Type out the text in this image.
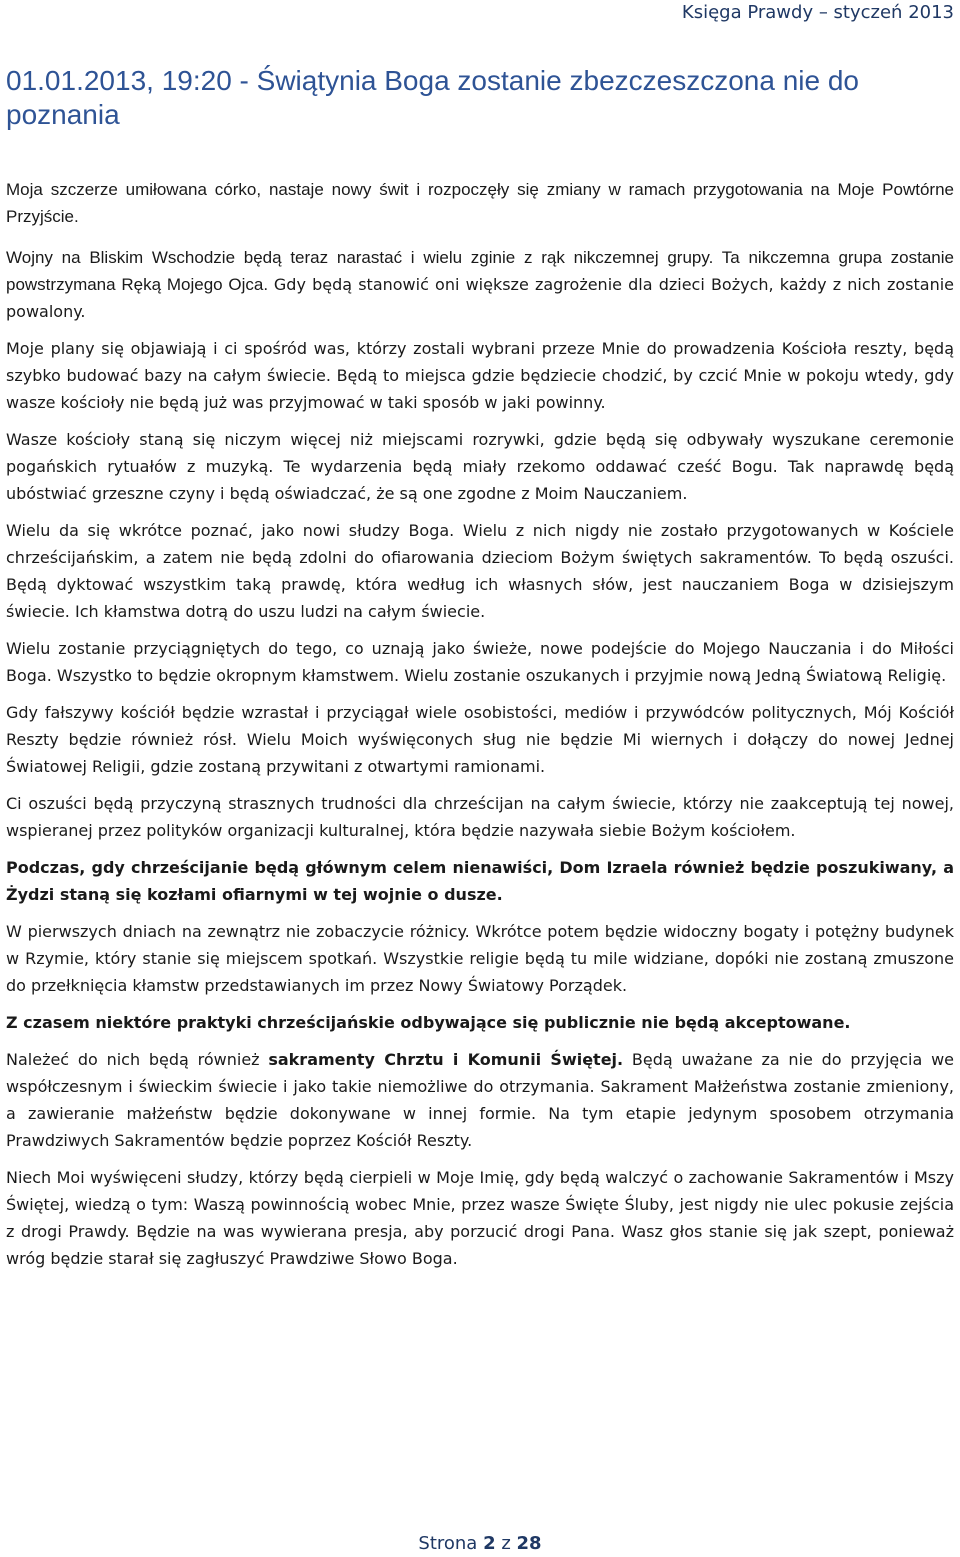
Księga Prawdy – styczeń 2013
01.01.2013, 19:20 - Świątynia Boga zostanie zbezczeszczona nie do poznania

Moja szczerze umiłowana córko, nastaje nowy świt i rozpoczęły się zmiany w ramach przygotowania na Moje Powtórne Przyjście.

Wojny na Bliskim Wschodzie będą teraz narastać i wielu zginie z rąk nikczemnej grupy. Ta nikczemna grupa zostanie powstrzymana Ręką Mojego Ojca. Gdy będą stanowić oni większe zagrożenie dla dzieci Bożych, każdy z nich zostanie powalony.

Moje plany się objawiają i ci spośród was, którzy zostali wybrani przeze Mnie do prowadzenia Kościoła reszty, będą szybko budować bazy na całym świecie. Będą to miejsca gdzie będziecie chodzić, by czcić Mnie w pokoju wtedy, gdy wasze kościoły nie będą już was przyjmować w taki sposób w jaki powinny.

Wasze kościoły staną się niczym więcej niż miejscami rozrywki, gdzie będą się odbywały wyszukane ceremonie pogańskich rytuałów z muzyką. Te wydarzenia będą miały rzekomo oddawać cześć Bogu. Tak naprawdę będą ubóstwiać grzeszne czyny i będą oświadczać, że są one zgodne z Moim Nauczaniem.

Wielu da się wkrótce poznać, jako nowi słudzy Boga. Wielu z nich nigdy nie zostało przygotowanych w Kościele chrześcijańskim, a zatem nie będą zdolni do ofiarowania dzieciom Bożym świętych sakramentów. To będą oszuści. Będą dyktować wszystkim taką prawdę, która według ich własnych słów, jest nauczaniem Boga w dzisiejszym świecie. Ich kłamstwa dotrą do uszu ludzi na całym świecie.

Wielu zostanie przyciągniętych do tego, co uznają jako świeże, nowe podejście do Mojego Nauczania i do Miłości Boga. Wszystko to będzie okropnym kłamstwem. Wielu zostanie oszukanych i przyjmie nową Jedną Światową Religię.

Gdy fałszywy kościół będzie wzrastał i przyciągał wiele osobistości, mediów i przywódców politycznych, Mój Kościół Reszty będzie również rósł. Wielu Moich wyświęconych sług nie będzie Mi wiernych i dołączy do nowej Jednej Światowej Religii, gdzie zostaną przywitani z otwartymi ramionami.

Ci oszuści będą przyczyną strasznych trudności dla chrześcijan na całym świecie, którzy nie zaakceptują tej nowej, wspieranej przez polityków organizacji kulturalnej, która będzie nazywała siebie Bożym kościołem.

Podczas, gdy chrześcijanie będą głównym celem nienawiści, Dom Izraela również będzie poszukiwany, a Żydzi staną się kozłami ofiarnymi w tej wojnie o dusze.

W pierwszych dniach na zewnątrz nie zobaczycie różnicy. Wkrótce potem będzie widoczny bogaty i potężny budynek w Rzymie, który stanie się miejscem spotkań. Wszystkie religie będą tu mile widziane, dopóki nie zostaną zmuszone do przełknięcia kłamstw przedstawianych im przez Nowy Światowy Porządek.

Z czasem niektóre praktyki chrześcijańskie odbywające się publicznie nie będą akceptowane.

Należeć do nich będą również sakramenty Chrztu i Komunii Świętej. Będą uważane za nie do przyjęcia we współczesnym i świeckim świecie i jako takie niemożliwe do otrzymania. Sakrament Małżeństwa zostanie zmieniony, a zawieranie małżeństw będzie dokonywane w innej formie. Na tym etapie jedynym sposobem otrzymania Prawdziwych Sakramentów będzie poprzez Kościół Reszty.

Niech Moi wyświęceni słudzy, którzy będą cierpieli w Moje Imię, gdy będą walczyć o zachowanie Sakramentów i Mszy Świętej, wiedzą o tym: Waszą powinnością wobec Mnie, przez wasze Święte Śluby, jest nigdy nie ulec pokusie zejścia z drogi Prawdy. Będzie na was wywierana presja, aby porzucić drogi Pana. Wasz głos stanie się jak szept, ponieważ wróg będzie starał się zagłuszyć Prawdziwe Słowo Boga.

Strona 2 z 28
